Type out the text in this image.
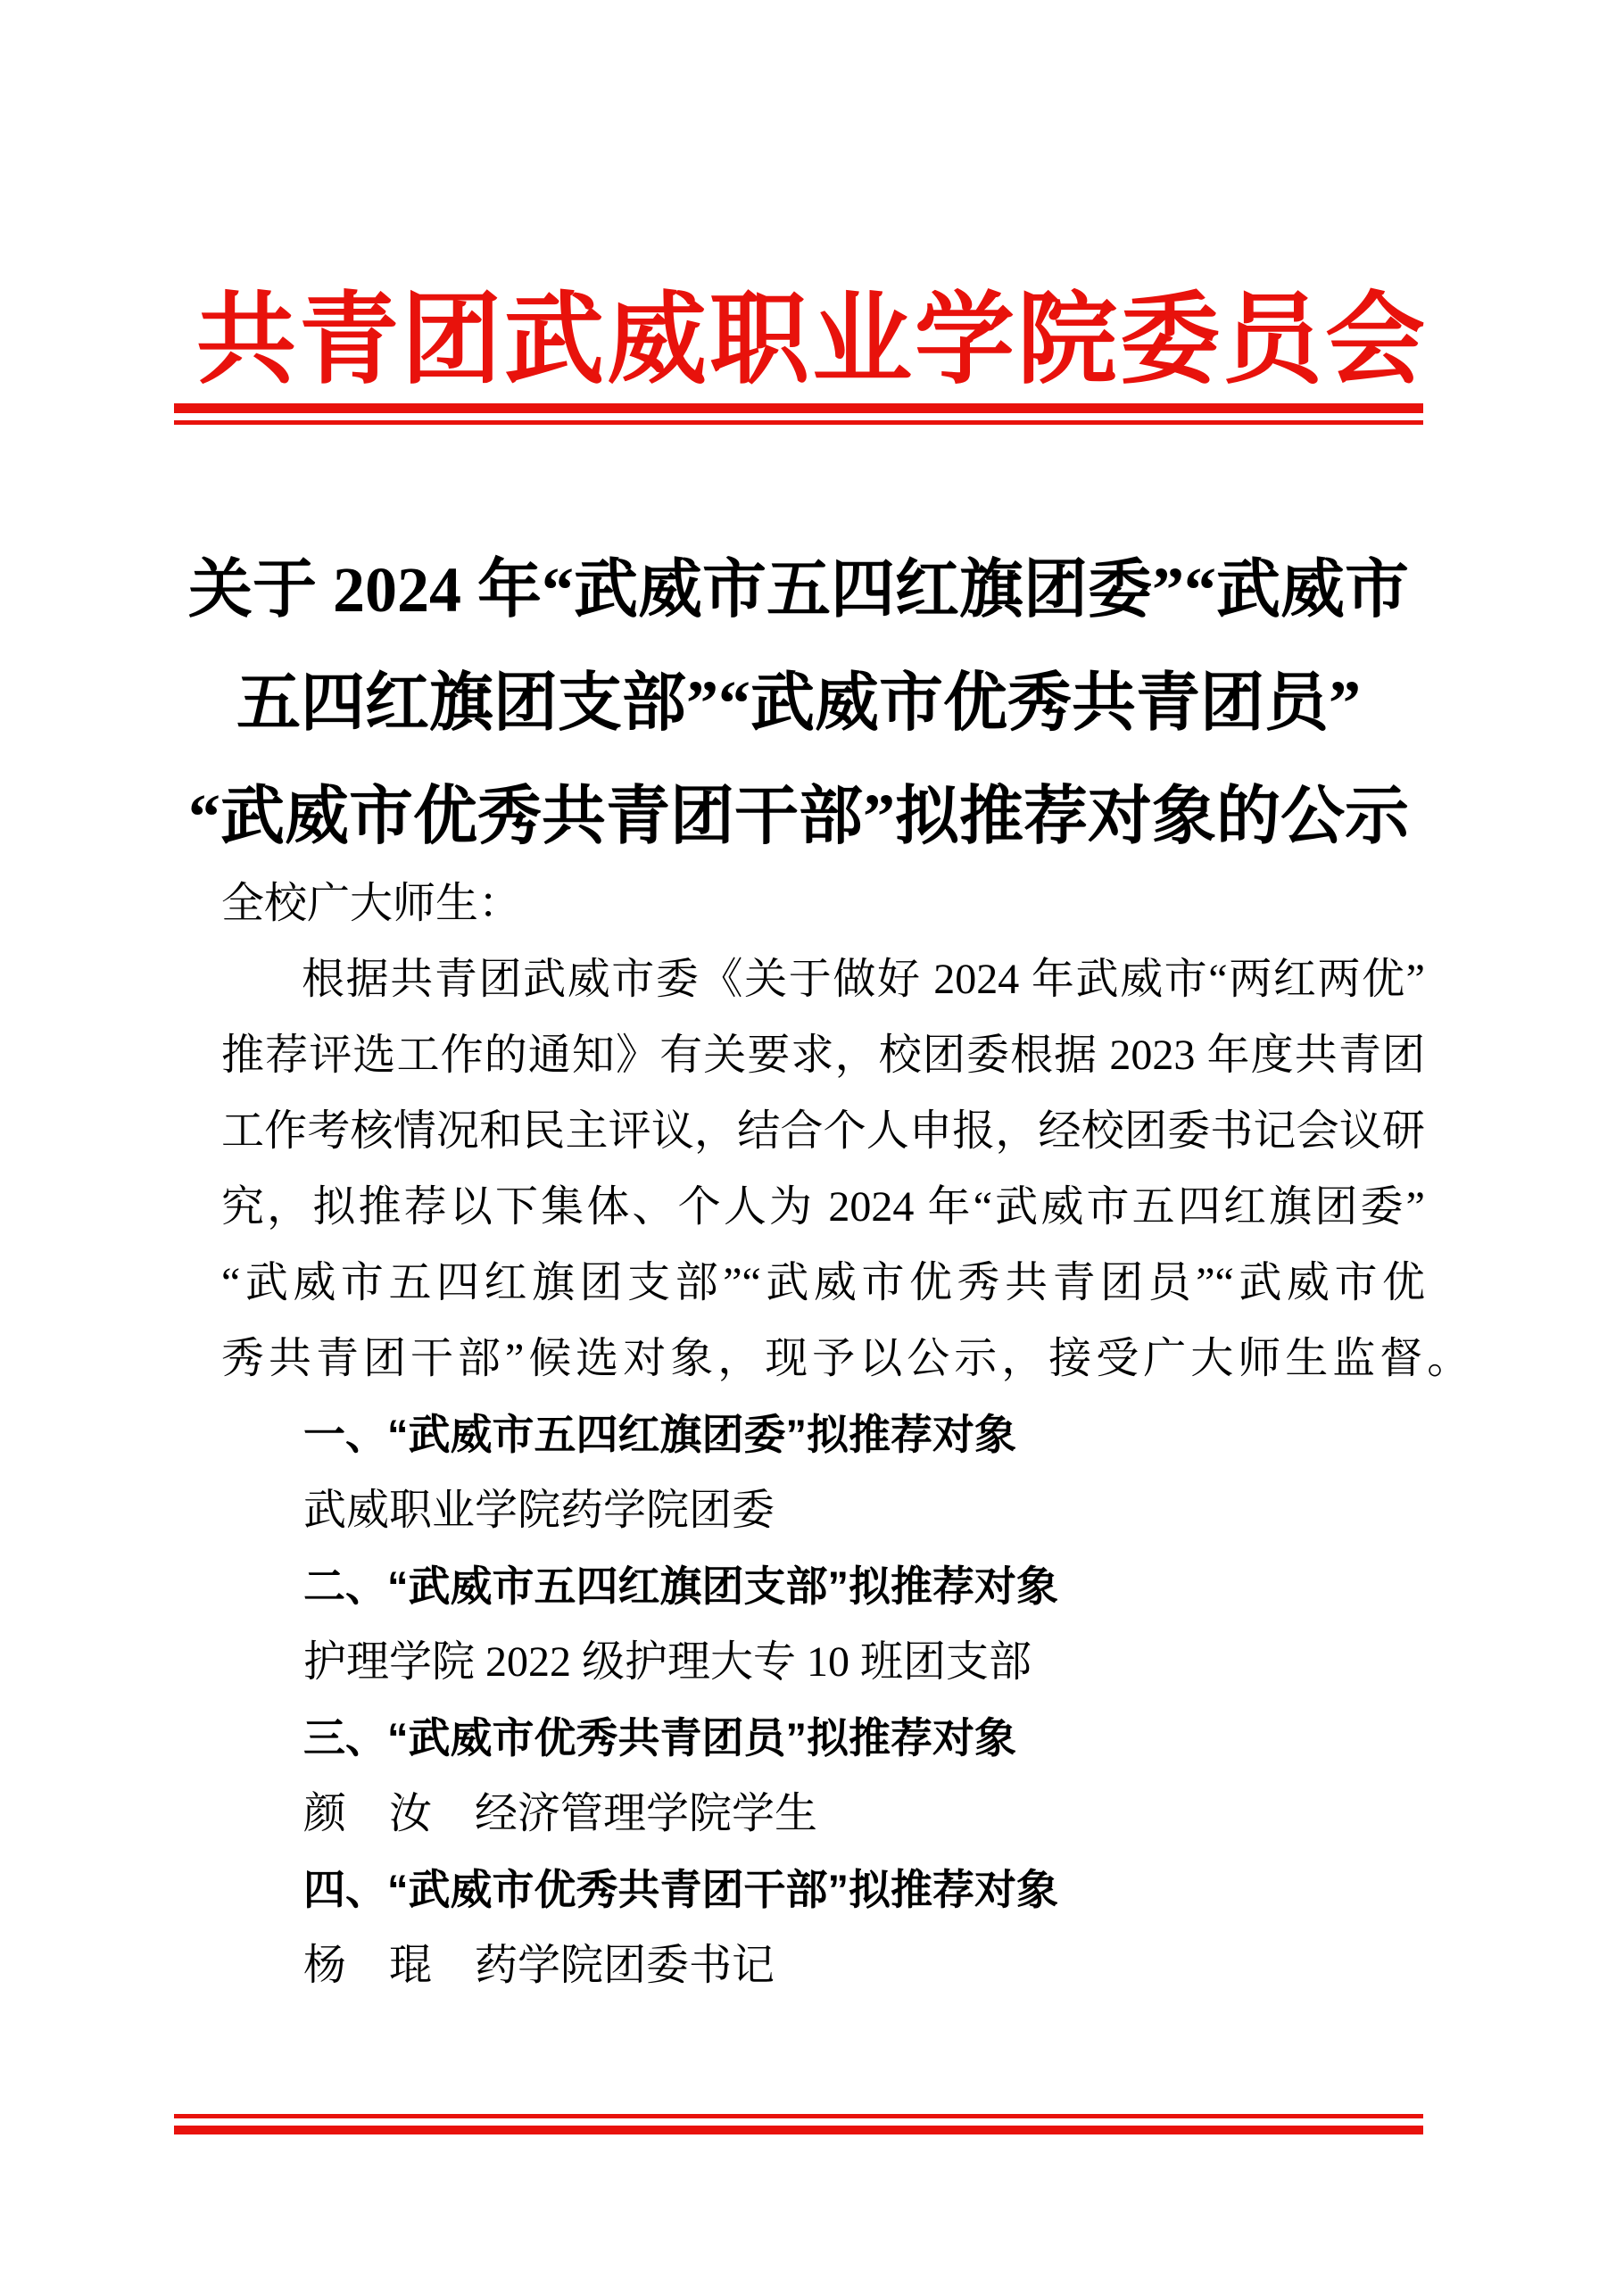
共青团武威职业学院委员会
关于 2024 年“武威市五四红旗团委”“武威市
五四红旗团支部”“武威市优秀共青团员”
“武威市优秀共青团干部”拟推荐对象的公示
全校广大师生：
根据共青团武威市委《关于做好 2024 年武威市“两红两优”
推荐评选工作的通知》有关要求，校团委根据 2023 年度共青团
工作考核情况和民主评议，结合个人申报，经校团委书记会议研
究，拟推荐以下集体、个人为 2024 年“武威市五四红旗团委”
“武威市五四红旗团支部”“武威市优秀共青团员”“武威市优
秀共青团干部”候选对象，现予以公示，接受广大师生监督。
一、“武威市五四红旗团委”拟推荐对象
武威职业学院药学院团委
二、“武威市五四红旗团支部”拟推荐对象
护理学院 2022 级护理大专 10 班团支部
三、“武威市优秀共青团员”拟推荐对象
颜　汝　经济管理学院学生
四、“武威市优秀共青团干部”拟推荐对象
杨　琨　药学院团委书记
